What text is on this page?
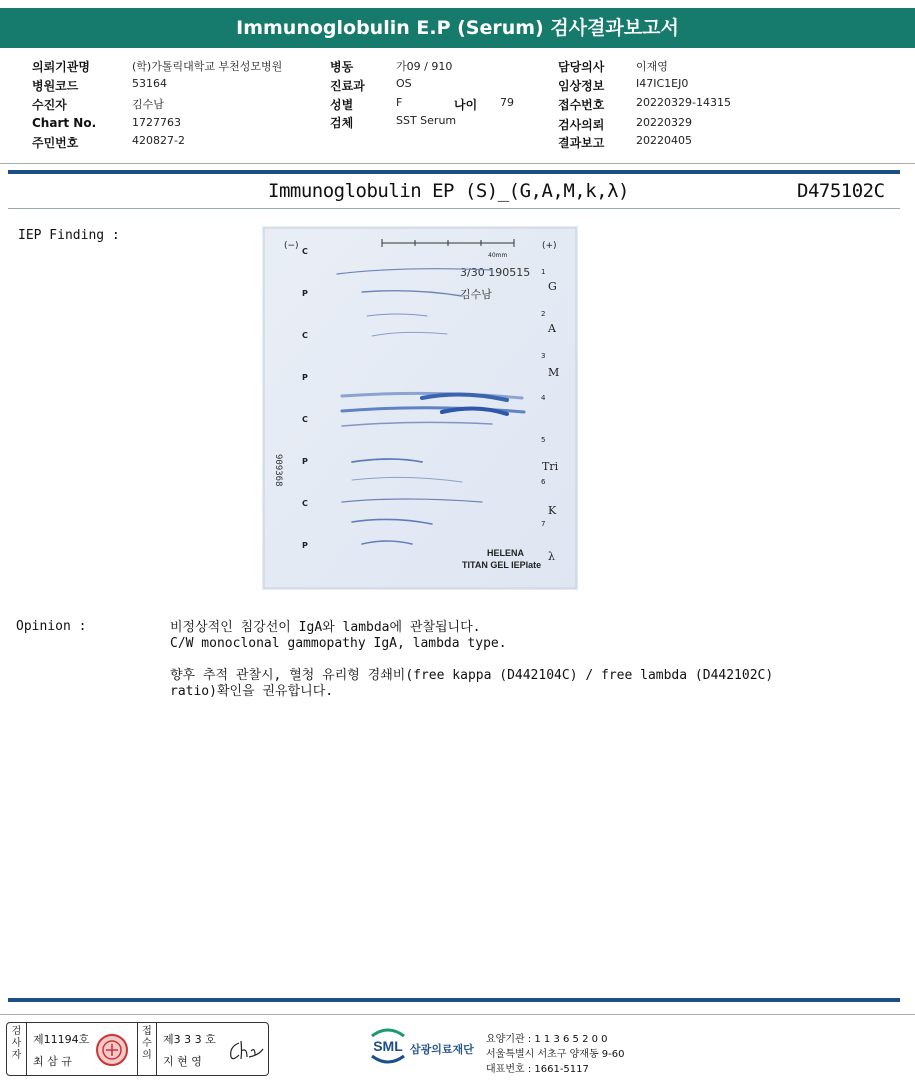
Immunoglobulin E.P (Serum) 검사결과보고서
의뢰기관명	(학)가톨릭대학교 부천성모병원
병원코드	53164
수진자	김수남
Chart No.	1727763
주민번호	420827-2
병동	가09 / 910
진료과	OS
성별	F	나이 79
검체	SST Serum
담당의사	이재영
임상정보	I47IC1EJ0
접수번호	20220329-14315
검사의뢰	20220329
결과보고	20220405
Immunoglobulin EP (S)_(G,A,M,k,λ)	D475102C
IEP Finding :
(−)	(+)
40mm
3/30 190515
김수남
909368
C
P
C
P
C
P
C
P
1
2
3
4
5
6
7
G
A
M
Tri
K
λ
HELENA
TITAN GEL IEPlate
Opinion :	비정상적인 침강선이 IgA와 lambda에 관찰됩니다.
C/W monoclonal gammopathy IgA, lambda type.
향후 추적 관찰시, 혈청 유리형 경쇄비(free kappa (D442104C) / free lambda (D442102C)
ratio)확인을 권유합니다.
검사자
제11194호
최 삼 규
접수의
제3 3 3 호
지 현 영
SML 삼광의료재단
요양기관 : 1 1 3 6 5 2 0 0
서울특별시 서초구 양재동 9-60
대표번호 : 1661-5117
